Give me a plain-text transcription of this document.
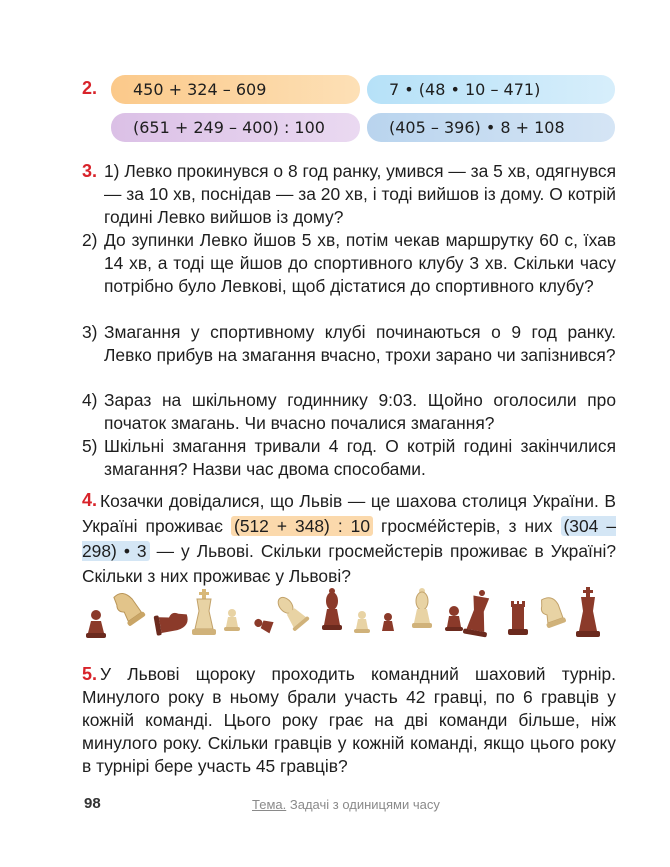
2.	450 + 324 – 609	7 • (48 • 10 – 471)
(651 + 249 – 400) : 100	(405 – 396) • 8 + 108
3. 1) Левко прокинувся о 8 год ранку, умився — за 5 хв, одягнувся — за 10 хв, поснідав — за 20 хв, і тоді вийшов із дому. О котрій годині Левко вийшов із дому?
2) До зупинки Левко йшов 5 хв, потім чекав маршрутку 60 с, їхав 14 хв, а тоді ще йшов до спортивного клубу 3 хв. Скільки часу потрібно було Левкові, щоб дістатися до спортивного клубу?
3) Змагання у спортивному клубі починаються о 9 год ранку. Левко прибув на змагання вчасно, трохи зарано чи запізнився?
4) Зараз на шкільному годиннику 9:03. Щойно оголосили про початок змагань. Чи вчасно почалися змагання?
5) Шкільні змагання тривали 4 год. О котрій годині закінчилися змагання? Назви час двома способами.
4. Козачки довідалися, що Львів — це шахова столиця України. В Україні проживає (512 + 348) : 10 гросме́йстерів, з них (304 – 298) • 3 — у Львові. Скільки гросмейстерів проживає в Україні? Скільки з них проживає у Львові?
5. У Львові щороку проходить командний шаховий турнір. Минулого року в ньому брали участь 42 гравці, по 6 гравців у кожній команді. Цього року грає на дві команди більше, ніж минулого року. Скільки гравців у кожній команді, якщо цього року в турнірі бере участь 45 гравців?
98	Тема. Задачі з одиницями часу
